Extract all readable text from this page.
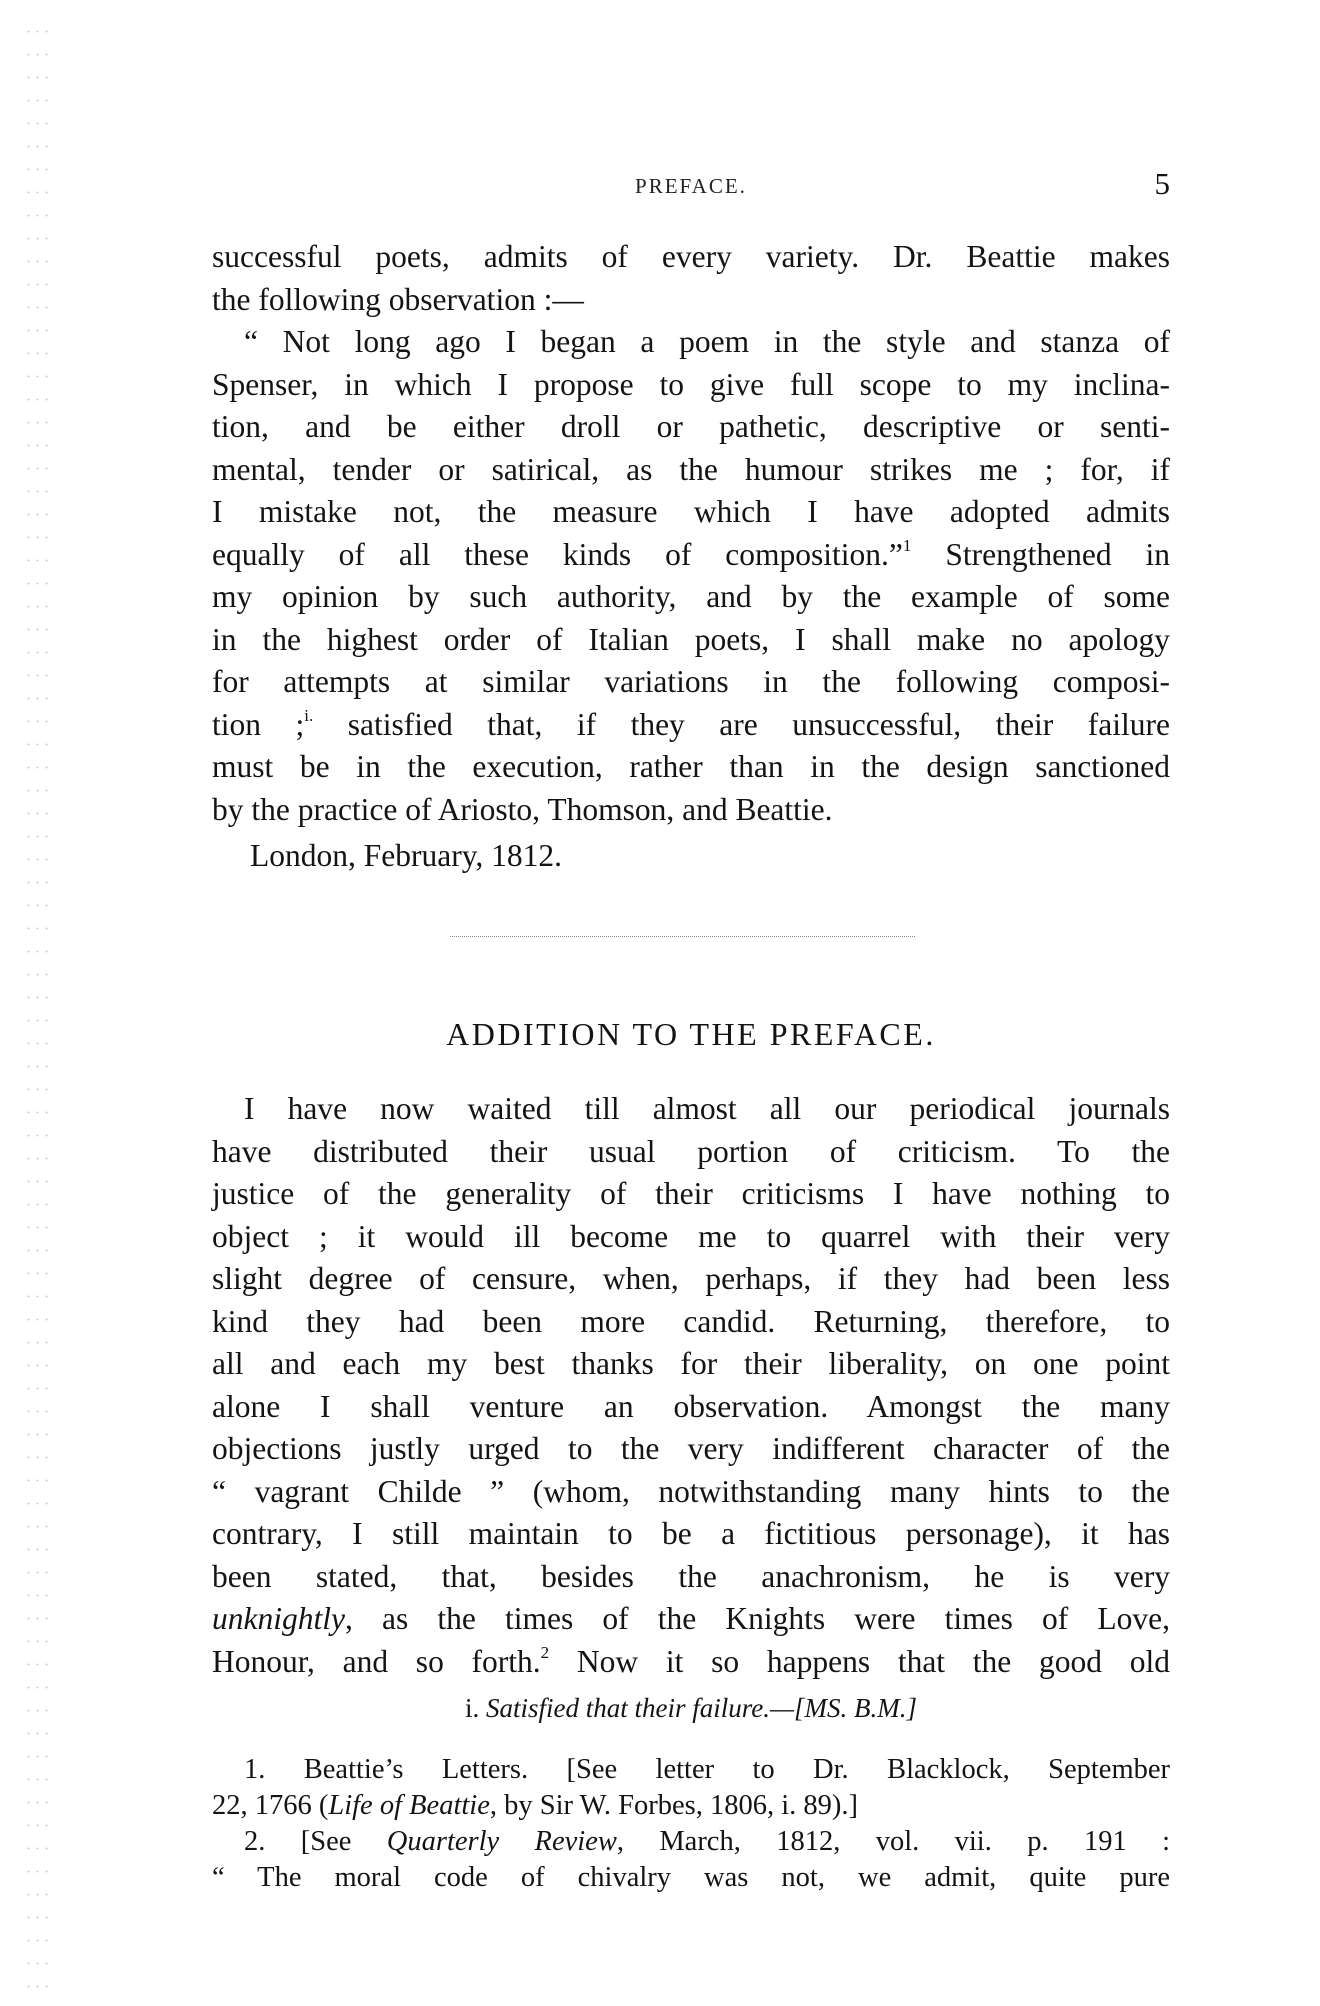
PREFACE.	5
successful poets, admits of every variety. Dr. Beattie makes
the following observation :—
“ Not long ago I began a poem in the style and stanza of
Spenser, in which I propose to give full scope to my inclina-
tion, and be either droll or pathetic, descriptive or senti-
mental, tender or satirical, as the humour strikes me ; for, if
I mistake not, the measure which I have adopted admits
equally of all these kinds of composition.”$^1$ Strengthened in
my opinion by such authority, and by the example of some
in the highest order of Italian poets, I shall make no apology
for attempts at similar variations in the following composi-
tion ;$^{i.}$ satisfied that, if they are unsuccessful, their failure
must be in the execution, rather than in the design sanctioned
by the practice of Ariosto, Thomson, and Beattie.
London, February, 1812.
ADDITION TO THE PREFACE.
I have now waited till almost all our periodical journals
have distributed their usual portion of criticism. To the
justice of the generality of their criticisms I have nothing to
object ; it would ill become me to quarrel with their very
slight degree of censure, when, perhaps, if they had been less
kind they had been more candid. Returning, therefore, to
all and each my best thanks for their liberality, on one point
alone I shall venture an observation. Amongst the many
objections justly urged to the very indifferent character of the
“ vagrant Childe ” (whom, notwithstanding many hints to the
contrary, I still maintain to be a fictitious personage), it has
been stated, that, besides the anachronism, he is very
unknightly, as the times of the Knights were times of Love,
Honour, and so forth.$^2$ Now it so happens that the good old
i. Satisfied that their failure.—[MS. B.M.]
1. Beattie’s Letters. [See letter to Dr. Blacklock, September
22, 1766 (Life of Beattie, by Sir W. Forbes, 1806, i. 89).]
2. [See Quarterly Review, March, 1812, vol. vii. p. 191 :
“ The moral code of chivalry was not, we admit, quite pure
